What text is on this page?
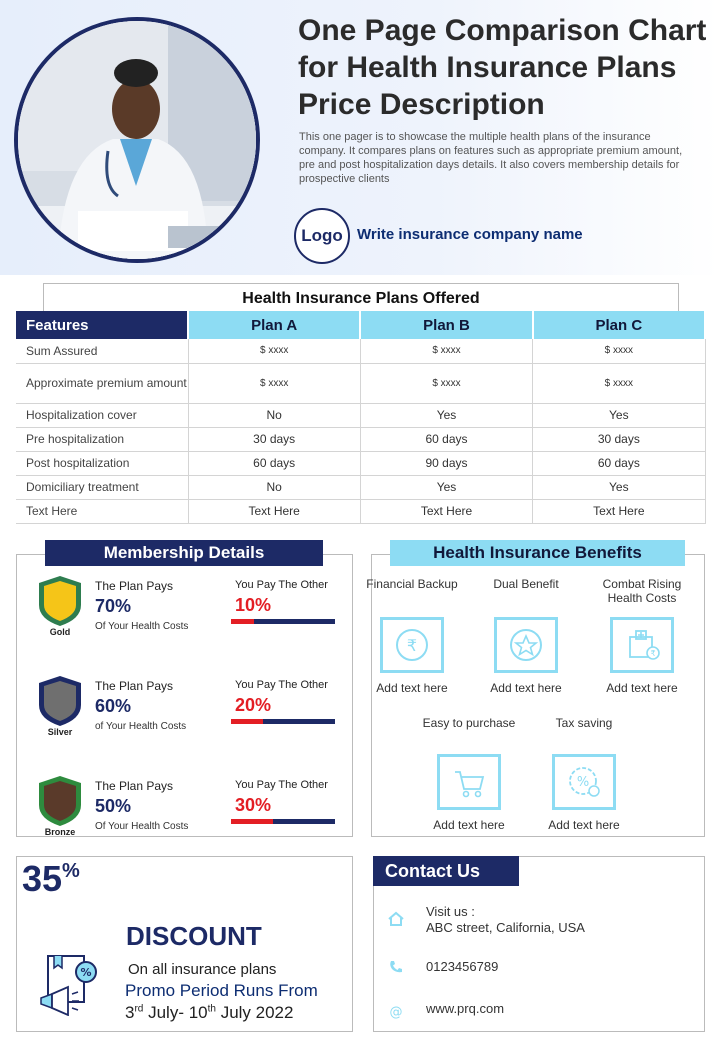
One Page Comparison Chart for Health Insurance Plans Price Description
This one pager is to showcase the multiple health plans of the insurance company. It compares plans on features such as appropriate premium amount, pre and post hospitalization days details. It also covers membership details for prospective clients
Logo Write insurance company name
Health Insurance Plans Offered
Features	Plan A	Plan B	Plan C
Sum Assured	$ xxxx	$ xxxx	$ xxxx
Approximate premium amount	$ xxxx	$ xxxx	$ xxxx
Hospitalization cover	No	Yes	Yes
Pre hospitalization	30 days	60 days	30 days
Post hospitalization	60 days	90 days	60 days
Domiciliary treatment	No	Yes	Yes
Text Here	Text Here	Text Here	Text Here
Gold
The Plan Pays
70%
Of Your Health Costs
You Pay The Other
10%
Silver
The Plan Pays
60%
of Your Health Costs
You Pay The Other
20%
Bronze
The Plan Pays
50%
Of Your Health Costs
You Pay The Other
30%
Membership Details
Financial Backup
₹
Add text here
Dual Benefit
Add text here
Combat Rising Health Costs
₹
Add text here
Easy to purchase
Add text here
Tax saving
%
Add text here
Health Insurance Benefits
35%
%
DISCOUNT
On all insurance plans
Promo Period Runs From
3rd July- 10th July 2022
Contact Us
Visit us :
ABC street, California, USA
0123456789
@ www.prq.com
